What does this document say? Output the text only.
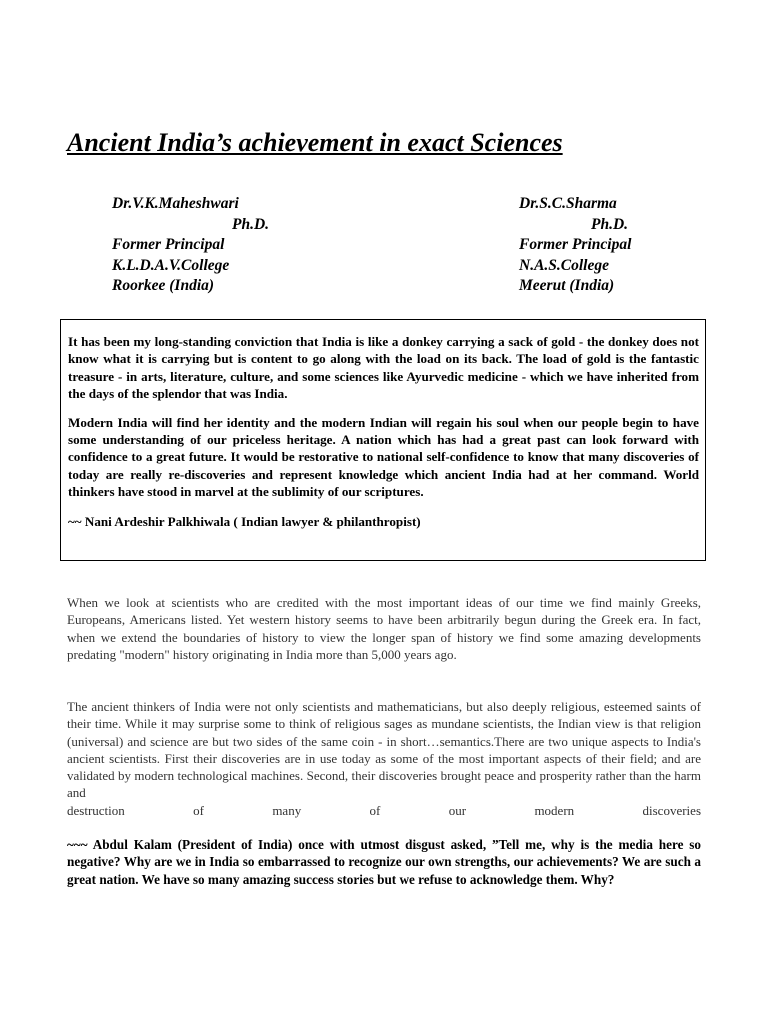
Ancient India’s achievement in exact Sciences
Dr.V.K.Maheshwari
Ph.D.
Former Principal
K.L.D.A.V.College
Roorkee (India)
Dr.S.C.Sharma
Ph.D.
Former Principal
N.A.S.College
Meerut (India)

It has been my long-standing conviction that India is like a donkey carrying a sack of gold - the donkey does not know what it is carrying but is content to go along with the load on its back. The load of gold is the fantastic treasure - in arts, literature, culture, and some sciences like Ayurvedic medicine - which we have inherited from the days of the splendor that was India.

Modern India will find her identity and the modern Indian will regain his soul when our people begin to have some understanding of our priceless heritage. A nation which has had a great past can look forward with confidence to a great future. It would be restorative to national self-confidence to know that many discoveries of today are really re-discoveries and represent knowledge which ancient India had at her command. World thinkers have stood in marvel at the sublimity of our scriptures.

~~ Nani Ardeshir Palkhiwala ( Indian lawyer & philanthropist)

When we look at scientists who are credited with the most important ideas of our time we find mainly Greeks, Europeans, Americans listed. Yet western history seems to have been arbitrarily begun during the Greek era. In fact, when we extend the boundaries of history to view the longer span of history we find some amazing developments predating "modern" history originating in India more than 5,000 years ago.

The ancient thinkers of India were not only scientists and mathematicians, but also deeply religious, esteemed saints of their time. While it may surprise some to think of religious sages as mundane scientists, the Indian view is that religion (universal) and science are but two sides of the same coin - in short…semantics.There are two unique aspects to India's ancient scientists. First their discoveries are in use today as some of the most important aspects of their field; and are validated by modern technological machines. Second, their discoveries brought peace and prosperity rather than the harm and
destruction of many of our modern discoveries

~~~ Abdul Kalam (President of India) once with utmost disgust asked, ”Tell me, why is the media here so negative? Why are we in India so embarrassed to recognize our own strengths, our achievements? We are such a great nation. We have so many amazing success stories but we refuse to acknowledge them. Why?
